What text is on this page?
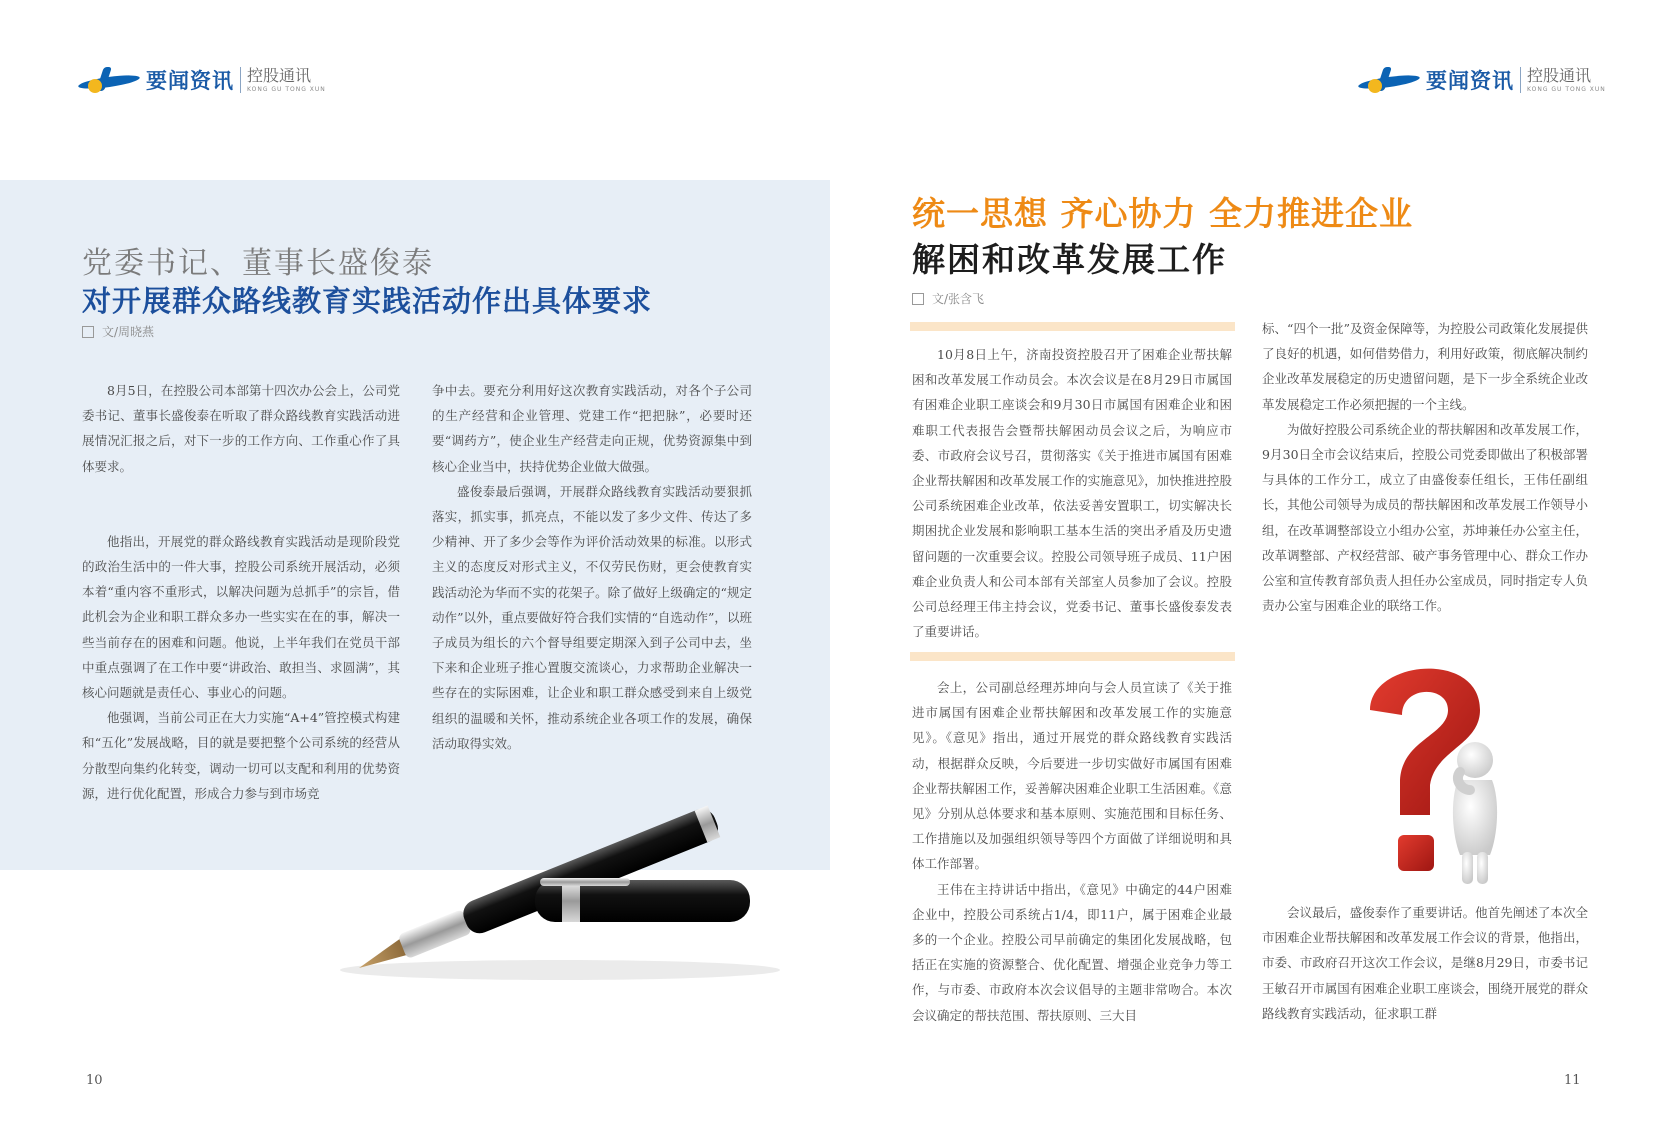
要闻资讯 控股通讯
KONG GU TONG XUN	要闻资讯 控股通讯
KONG GU TONG XUN
党委书记、董事长盛俊泰
对开展群众路线教育实践活动作出具体要求
文/周晓燕

8月5日，在控股公司本部第十四次办公会上，公司党委书记、董事长盛俊泰在听取了群众路线教育实践活动进展情况汇报之后，对下一步的工作方向、工作重心作了具体要求。

他指出，开展党的群众路线教育实践活动是现阶段党的政治生活中的一件大事，控股公司系统开展活动，必须本着“重内容不重形式，以解决问题为总抓手”的宗旨，借此机会为企业和职工群众多办一些实实在在的事，解决一些当前存在的困难和问题。他说，上半年我们在党员干部中重点强调了在工作中要“讲政治、敢担当、求圆满”，其核心问题就是责任心、事业心的问题。

他强调，当前公司正在大力实施“A+4”管控模式构建和“五化”发展战略，目的就是要把整个公司系统的经营从分散型向集约化转变，调动一切可以支配和利用的优势资源，进行优化配置，形成合力参与到市场竞

争中去。要充分利用好这次教育实践活动，对各个子公司的生产经营和企业管理、党建工作“把把脉”，必要时还要“调药方”，使企业生产经营走向正规，优势资源集中到核心企业当中，扶持优势企业做大做强。

盛俊泰最后强调，开展群众路线教育实践活动要狠抓落实，抓实事，抓亮点，不能以发了多少文件、传达了多少精神、开了多少会等作为评价活动效果的标准。以形式主义的态度反对形式主义，不仅劳民伤财，更会使教育实践活动沦为华而不实的花架子。除了做好上级确定的“规定动作”以外，重点要做好符合我们实情的“自选动作”，以班子成员为组长的六个督导组要定期深入到子公司中去，坐下来和企业班子推心置腹交流谈心，力求帮助企业解决一些存在的实际困难，让企业和职工群众感受到来自上级党组织的温暖和关怀，推动系统企业各项工作的发展，确保活动取得实效。

10
统一思想 齐心协力 全力推进企业
解困和改革发展工作
文/张含飞

10月8日上午，济南投资控股召开了困难企业帮扶解困和改革发展工作动员会。本次会议是在8月29日市属国有困难企业职工座谈会和9月30日市属国有困难企业和困难职工代表报告会暨帮扶解困动员会议之后，为响应市委、市政府会议号召，贯彻落实《关于推进市属国有困难企业帮扶解困和改革发展工作的实施意见》，加快推进控股公司系统困难企业改革，依法妥善安置职工，切实解决长期困扰企业发展和影响职工基本生活的突出矛盾及历史遗留问题的一次重要会议。控股公司领导班子成员、11户困难企业负责人和公司本部有关部室人员参加了会议。控股公司总经理王伟主持会议，党委书记、董事长盛俊泰发表了重要讲话。

会上，公司副总经理苏坤向与会人员宣读了《关于推进市属国有困难企业帮扶解困和改革发展工作的实施意见》。《意见》指出，通过开展党的群众路线教育实践活动，根据群众反映，今后要进一步切实做好市属国有困难企业帮扶解困工作，妥善解决困难企业职工生活困难。《意见》分别从总体要求和基本原则、实施范围和目标任务、工作措施以及加强组织领导等四个方面做了详细说明和具体工作部署。

王伟在主持讲话中指出，《意见》中确定的44户困难企业中，控股公司系统占1/4，即11户，属于困难企业最多的一个企业。控股公司早前确定的集团化发展战略，包括正在实施的资源整合、优化配置、增强企业竞争力等工作，与市委、市政府本次会议倡导的主题非常吻合。本次会议确定的帮扶范围、帮扶原则、三大目

标、“四个一批”及资金保障等，为控股公司政策化发展提供了良好的机遇，如何借势借力，利用好政策，彻底解决制约企业改革发展稳定的历史遗留问题，是下一步全系统企业改革发展稳定工作必须把握的一个主线。

为做好控股公司系统企业的帮扶解困和改革发展工作，9月30日全市会议结束后，控股公司党委即做出了积极部署与具体的工作分工，成立了由盛俊泰任组长，王伟任副组长，其他公司领导为成员的帮扶解困和改革发展工作领导小组，在改革调整部设立小组办公室，苏坤兼任办公室主任，改革调整部、产权经营部、破产事务管理中心、群众工作办公室和宣传教育部负责人担任办公室成员，同时指定专人负责办公室与困难企业的联络工作。

会议最后，盛俊泰作了重要讲话。他首先阐述了本次全市困难企业帮扶解困和改革发展工作会议的背景，他指出，市委、市政府召开这次工作会议，是继8月29日，市委书记王敏召开市属国有困难企业职工座谈会，围绕开展党的群众路线教育实践活动，征求职工群

11
